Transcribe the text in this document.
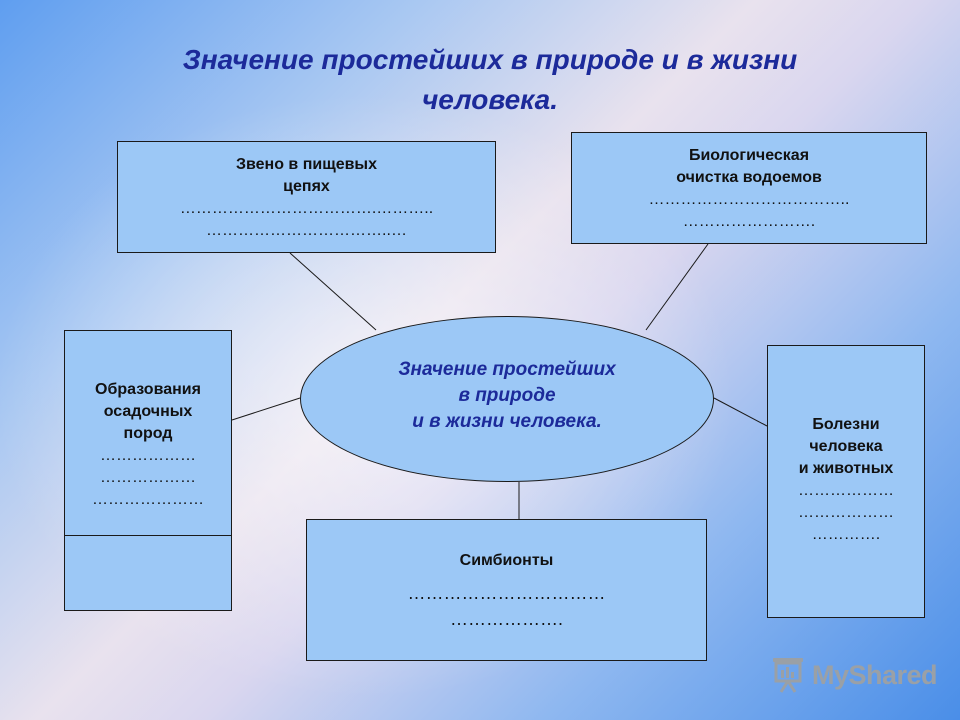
Значение простейших в природе и в жизни
человека.
Звено в пищевых
цепях
……………………………….………..
……………………………..…
Биологическая
очистка водоемов
………………………………..
…………………….
Образования
осадочных
пород
………………
………………
…………………
Болезни
человека
и животных
………………
………………
………….
Симбионты
……………………………
……………….
Значение простейших
в природе
и в жизни человека.
MyShared
